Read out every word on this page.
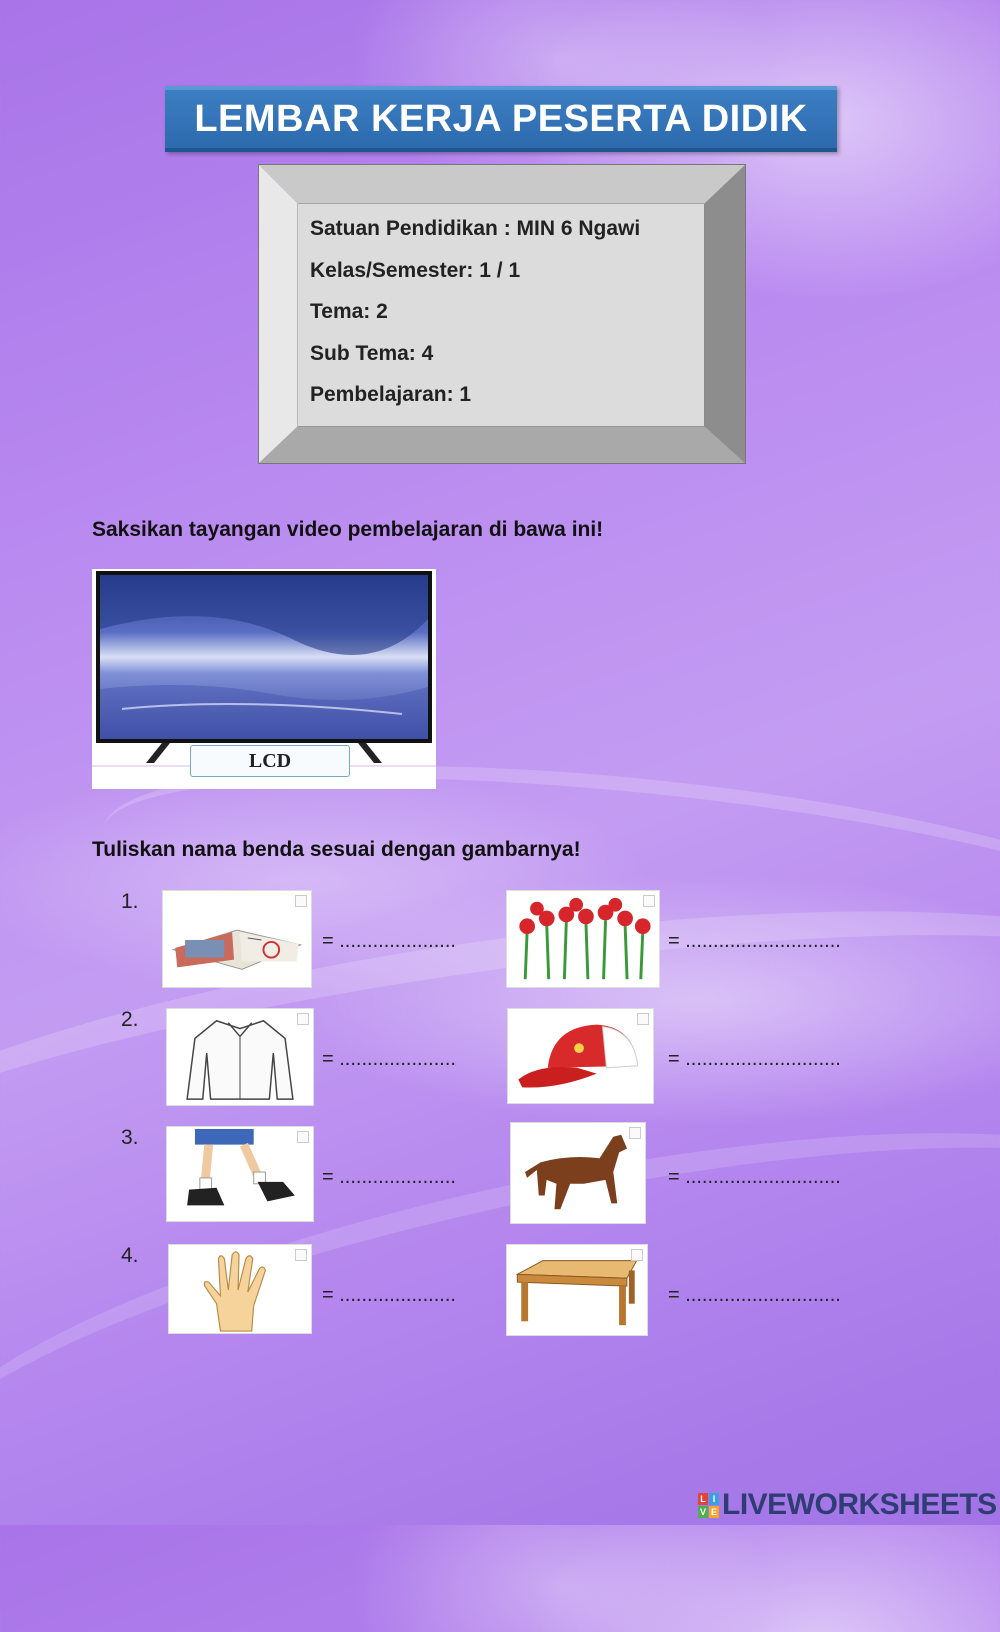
LEMBAR KERJA PESERTA DIDIK
Satuan Pendidikan : MIN 6 Ngawi
Kelas/Semester: 1 / 1
Tema: 2
Sub Tema: 4
Pembelajaran: 1
Saksikan tayangan video pembelajaran di bawa ini!
LCD
Tuliskan nama benda sesuai dengan gambarnya!
1.
= .....................	= ............................
2.
= .....................	= ............................
3.
= .....................	= ............................
4.
= .....................	= ............................
L I
V E LIVEWORKSHEETS
